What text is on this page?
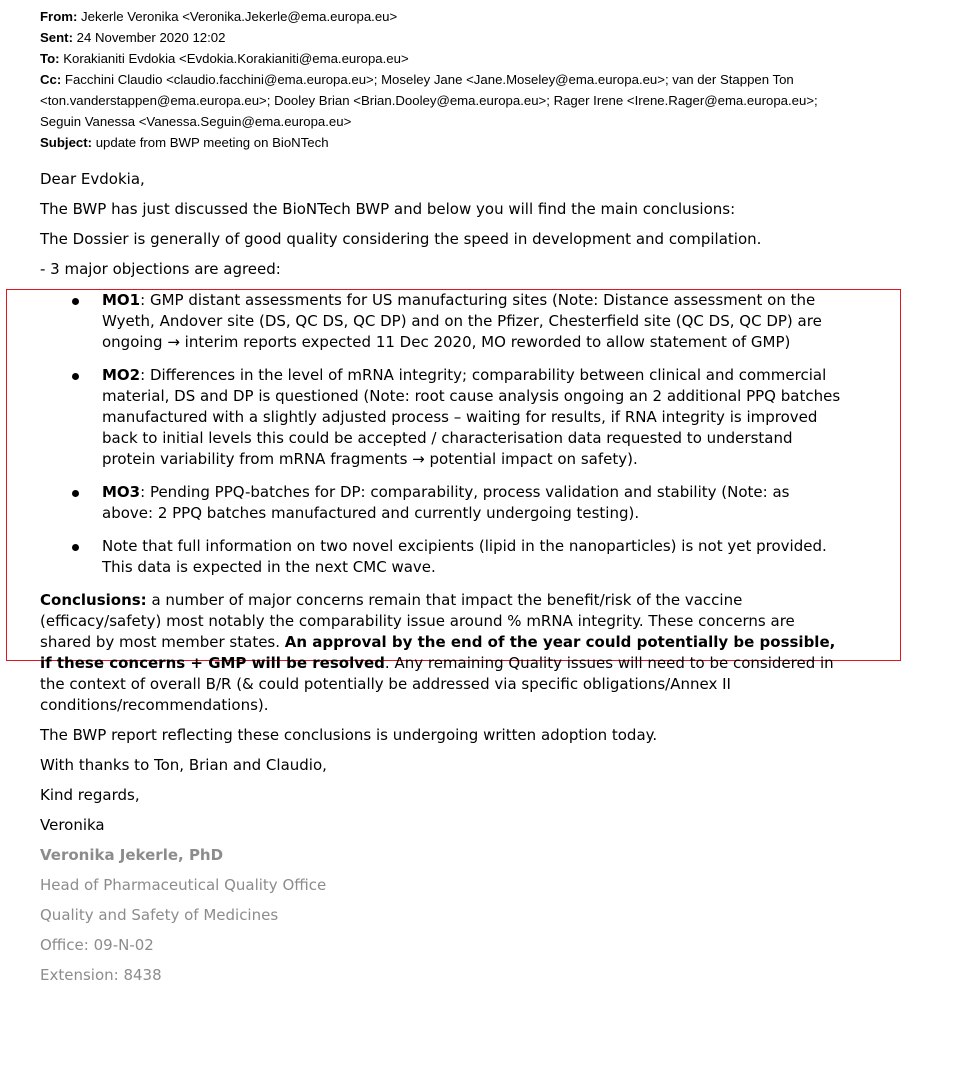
From: Jekerle Veronika <Veronika.Jekerle@ema.europa.eu>
Sent: 24 November 2020 12:02
To: Korakianiti Evdokia <Evdokia.Korakianiti@ema.europa.eu>
Cc: Facchini Claudio <claudio.facchini@ema.europa.eu>; Moseley Jane <Jane.Moseley@ema.europa.eu>; van der Stappen Ton <ton.vanderstappen@ema.europa.eu>; Dooley Brian <Brian.Dooley@ema.europa.eu>; Rager Irene <Irene.Rager@ema.europa.eu>; Seguin Vanessa <Vanessa.Seguin@ema.europa.eu>
Subject: update from BWP meeting on BioNTech

Dear Evdokia,

The BWP has just discussed the BioNTech BWP and below you will find the main conclusions:

The Dossier is generally of good quality considering the speed in development and compilation.

- 3 major objections are agreed:

MO1: GMP distant assessments for US manufacturing sites (Note: Distance assessment on the Wyeth, Andover site (DS, QC DS, QC DP) and on the Pfizer, Chesterfield site (QC DS, QC DP) are ongoing → interim reports expected 11 Dec 2020, MO reworded to allow statement of GMP)
MO2: Differences in the level of mRNA integrity; comparability between clinical and commercial material, DS and DP is questioned (Note: root cause analysis ongoing an 2 additional PPQ batches manufactured with a slightly adjusted process – waiting for results, if RNA integrity is improved back to initial levels this could be accepted / characterisation data requested to understand protein variability from mRNA fragments → potential impact on safety).
MO3: Pending PPQ-batches for DP: comparability, process validation and stability (Note: as above: 2 PPQ batches manufactured and currently undergoing testing).
Note that full information on two novel excipients (lipid in the nanoparticles) is not yet provided. This data is expected in the next CMC wave.

Conclusions: a number of major concerns remain that impact the benefit/risk of the vaccine (efficacy/safety) most notably the comparability issue around % mRNA integrity. These concerns are shared by most member states. An approval by the end of the year could potentially be possible, if these concerns + GMP will be resolved. Any remaining Quality issues will need to be considered in the context of overall B/R (& could potentially be addressed via specific obligations/Annex II conditions/recommendations).

The BWP report reflecting these conclusions is undergoing written adoption today.

With thanks to Ton, Brian and Claudio,

Kind regards,

Veronika

Veronika Jekerle, PhD

Head of Pharmaceutical Quality Office

Quality and Safety of Medicines

Office: 09-N-02

Extension: 8438
